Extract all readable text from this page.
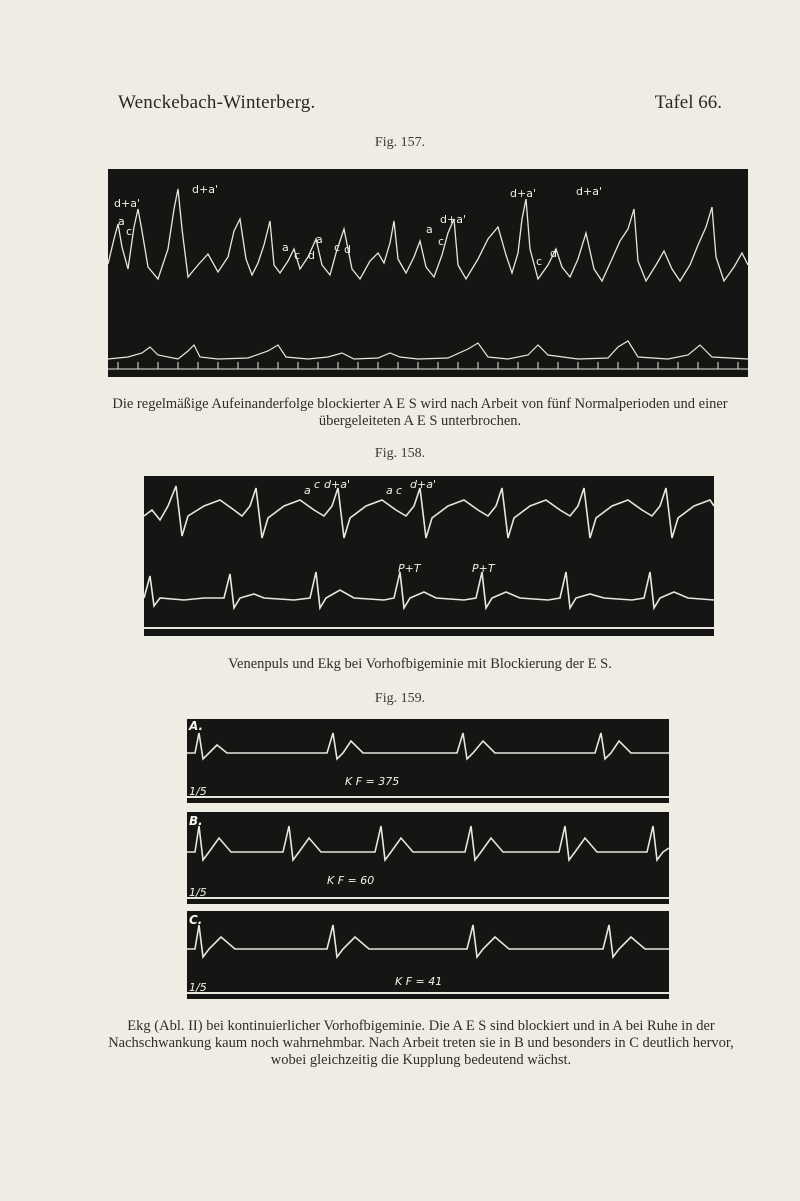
Wenckebach-Winterberg.	Tafel 66.
Fig. 157.
d+a'
a
c
d+a'
a
c d
a
c d
d+a'
a
c
d+a'	d+a'
c
d
Die regelmäßige Aufeinanderfolge blockierter A E S wird nach Arbeit von fünf Normalperioden und einer übergeleiteten A E S unterbrochen.
Fig. 158.
a c d+a'	a c d+a'
P+T	P+T
Venenpuls und Ekg bei Vorhofbigeminie mit Blockierung der E S.
Fig. 159.
A.
K F = 375
1/5
B.
K F = 60
1/5
C.
K F = 41
1/5
Ekg (Abl. II) bei kontinuierlicher Vorhofbigeminie. Die A E S sind blockiert und in A bei Ruhe in der Nachschwankung kaum noch wahrnehmbar. Nach Arbeit treten sie in B und besonders in C deutlich hervor, wobei gleichzeitig die Kupplung bedeutend wächst.
